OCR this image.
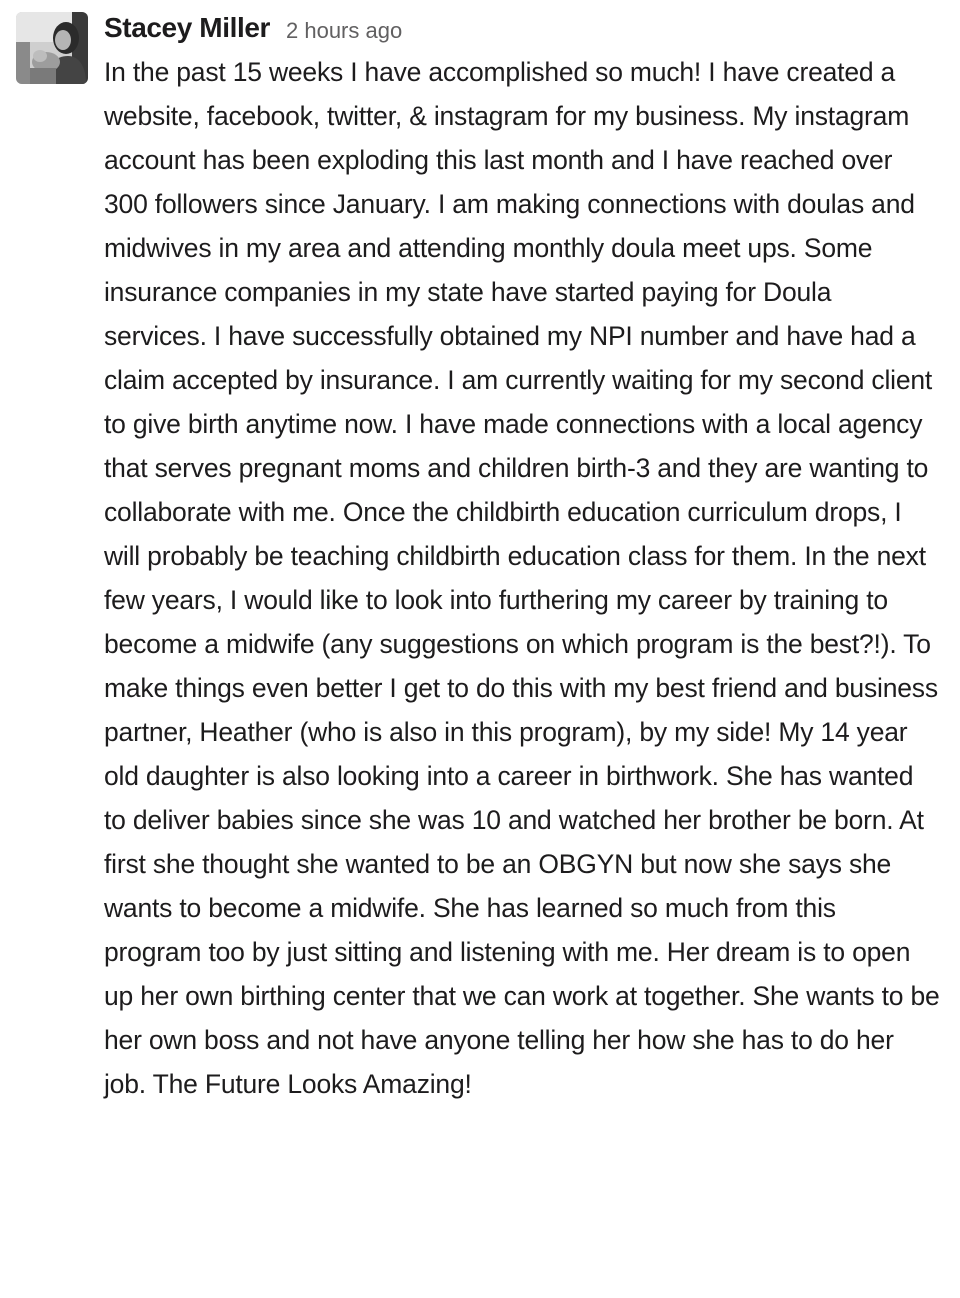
Stacey Miller 2 hours ago

In the past 15 weeks I have accomplished so much! I have created a website, facebook, twitter, & instagram for my business. My instagram account has been exploding this last month and I have reached over 300 followers since January. I am making connections with doulas and midwives in my area and attending monthly doula meet ups. Some insurance companies in my state have started paying for Doula services. I have successfully obtained my NPI number and have had a claim accepted by insurance. I am currently waiting for my second client to give birth anytime now. I have made connections with a local agency that serves pregnant moms and children birth-3 and they are wanting to collaborate with me. Once the childbirth education curriculum drops, I will probably be teaching childbirth education class for them. In the next few years, I would like to look into furthering my career by training to become a midwife (any suggestions on which program is the best?!). To make things even better I get to do this with my best friend and business partner, Heather (who is also in this program), by my side! My 14 year old daughter is also looking into a career in birthwork. She has wanted to deliver babies since she was 10 and watched her brother be born. At first she thought she wanted to be an OBGYN but now she says she wants to become a midwife. She has learned so much from this program too by just sitting and listening with me. Her dream is to open up her own birthing center that we can work at together. She wants to be her own boss and not have anyone telling her how she has to do her job. The Future Looks Amazing!
